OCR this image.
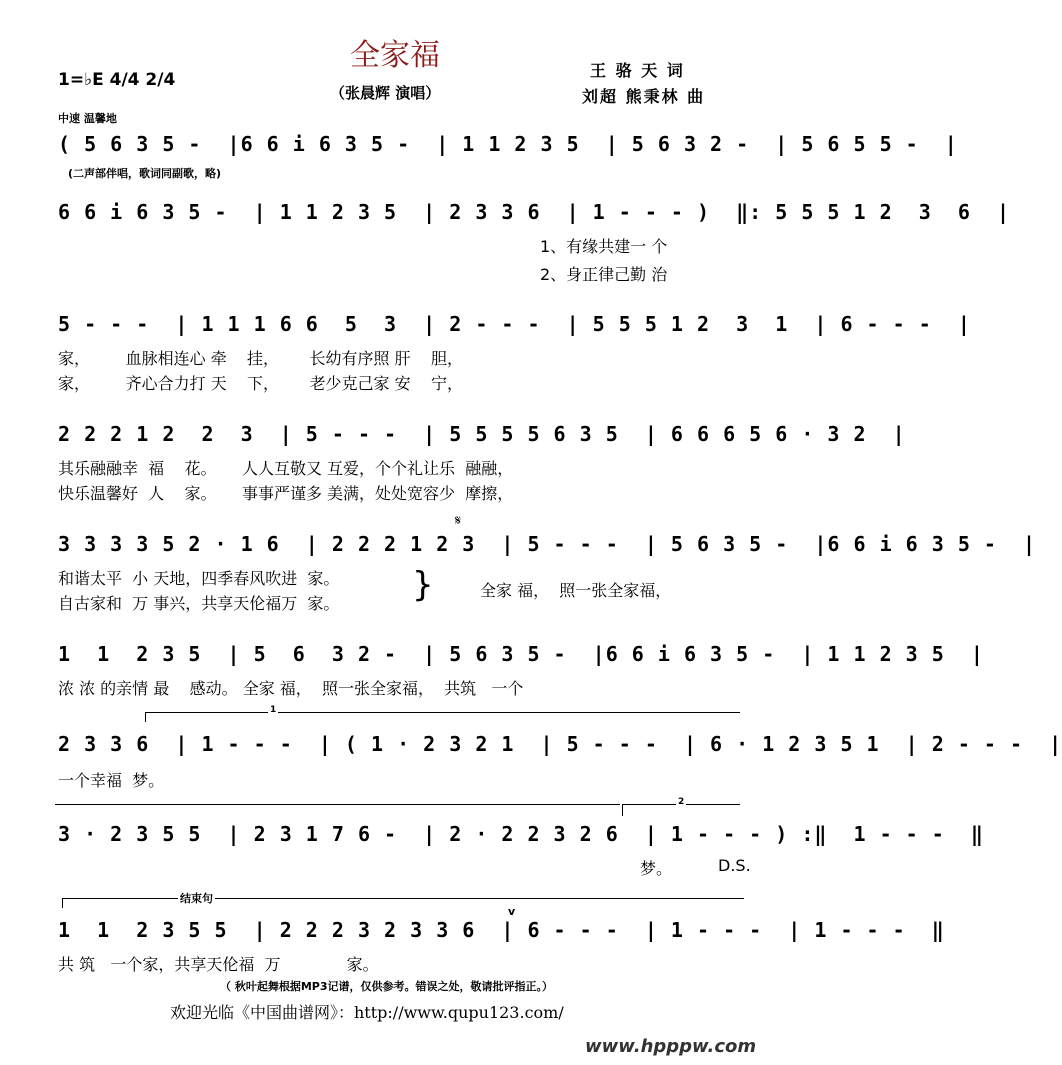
全家福
（张晨辉 演唱）
王 骆 天 词
刘超 熊秉林 曲
1=♭E 4/4 2/4
中速 温馨地
( 5 6 3 5 -  |6 6 i 6 3 5 -  | 1 1 2 3 5  | 5 6 3 2 -  | 5 6 5 5 -  |
(二声部伴唱，歌词同副歌，略)
6 6 i 6 3 5 -  | 1 1 2 3 5  | 2 3 3 6  | 1 - - - )  ‖: 5 5 5 1 2  3  6  |
1、有缘共建一 个
2、身正律己勤 治
5 - - -  | 1 1 1 6 6  5  3  | 2 - - -  | 5 5 5 1 2  3  1  | 6 - - -  |
家，       血脉相连心 牵    挂，      长幼有序照 肝    胆，
家，       齐心合力打 天    下，      老少克己家 安    宁，
2 2 2 1 2  2  3  | 5 - - -  | 5 5 5 5 6 3 5  | 6 6 6 5 6 · 3 2  |
其乐融融幸  福    花。     人人互敬又 互爱，个个礼让乐  融融，
快乐温馨好  人    家。     事事严谨多 美满，处处宽容少  摩擦，
3 3 3 3 5 2 · 1 6  | 2 2 2 1 2 3  | 5 - - -  | 5 6 3 5 -  |6 6 i 6 3 5 -  |
𝄋
和谐太平  小 天地，四季春风吹进  家。
自古家和  万 事兴，共享天伦福万  家。 }	全家 福，  照一张全家福，
1  1  2 3 5  | 5  6  3 2 -  | 5 6 3 5 -  |6 6 i 6 3 5 -  | 1 1 2 3 5  |
浓 浓 的亲情 最    感动。 全家 福，  照一张全家福，  共筑   一个
1
2 3 3 6  | 1 - - -  | ( 1 · 2 3 2 1  | 5 - - -  | 6 · 1 2 3 5 1  | 2 - - -  |
一个幸福  梦。
2
3 · 2 3 5 5  | 2 3 1 7 6 -  | 2 · 2 2 3 2 6  | 1 - - - ) :‖  1 - - -  ‖
梦。	D.S.
结束句
v
1  1  2 3 5 5  | 2 2 2 3 2 3 3 6  | 6 - - -  | 1 - - -  | 1 - - -  ‖
共 筑   一个家，共享天伦福  万             家。
（ 秋叶起舞根据MP3记谱，仅供参考。错误之处，敬请批评指正。）
欢迎光临《中国曲谱网》：http://www.qupu123.com/
www.hpppw.com
